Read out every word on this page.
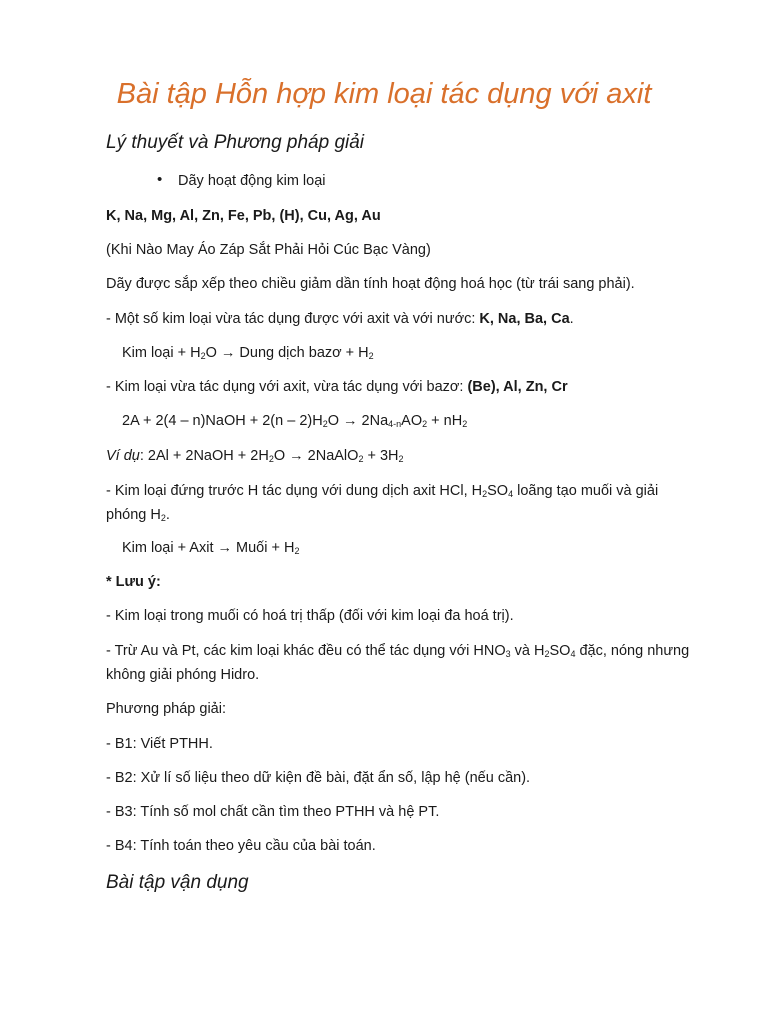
Bài tập Hỗn hợp kim loại tác dụng với axit
Lý thuyết và Phương pháp giải
• Dãy hoạt động kim loại
K, Na, Mg, Al, Zn, Fe, Pb, (H), Cu, Ag, Au
(Khi Nào May Áo Záp Sắt Phải Hỏi Cúc Bạc Vàng)
Dãy được sắp xếp theo chiều giảm dần tính hoạt động hoá học (từ trái sang phải).
- Một số kim loại vừa tác dụng được với axit và với nước: K, Na, Ba, Ca.
Kim loại + $H_2O$ → Dung dịch bazơ + $H_2$
- Kim loại vừa tác dụng với axit, vừa tác dụng với bazơ: (Be), Al, Zn, Cr
2A + 2(4 – n)NaOH + $2(n - 2)H_2O \to 2Na_{4-n}AO_2 + nH_2$
Ví dụ: 2Al + 2NaOH + $2H_2O$ → 2NaAlO$_2$ + $3H_2$
- Kim loại đứng trước H tác dụng với dung dịch axit HCl, $H_2SO_4$ loãng tạo muối và giải phóng $H_2$.
Kim loại + Axit → Muối + $H_2$
* Lưu ý:
- Kim loại trong muối có hoá trị thấp (đối với kim loại đa hoá trị).
- Trừ Au và Pt, các kim loại khác đều có thể tác dụng với $HNO_3$ và $H_2SO_4$ đặc, nóng nhưng không giải phóng Hidro.
Phương pháp giải:
- B1: Viết PTHH.
- B2: Xử lí số liệu theo dữ kiện đề bài, đặt ẩn số, lập hệ (nếu cần).
- B3: Tính số mol chất cần tìm theo PTHH và hệ PT.
- B4: Tính toán theo yêu cầu của bài toán.
Bài tập vận dụng
